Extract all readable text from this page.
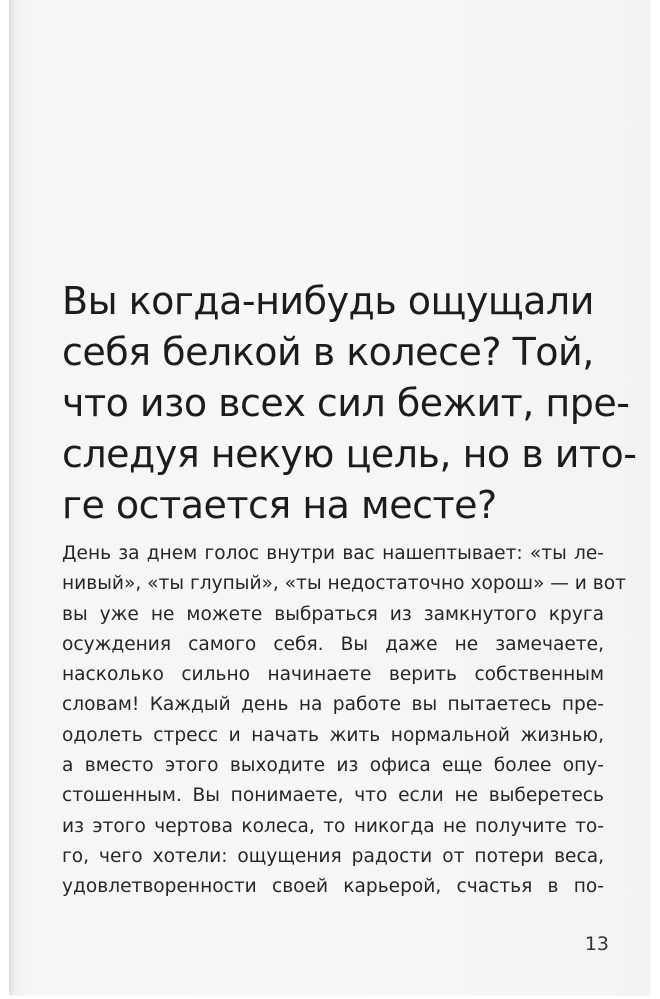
Вы когда-нибудь ощущали
себя белкой в колесе? Той,
что изо всех сил бежит, пре-
следуя некую цель, но в ито-
ге остается на месте?

День за днем голос внутри вас нашептывает: «ты ле-
нивый», «ты глупый», «ты недостаточно хорош» — и вот
вы уже не можете выбраться из замкнутого круга
осуждения самого себя. Вы даже не замечаете,
насколько сильно начинаете верить собственным
словам! Каждый день на работе вы пытаетесь пре-
одолеть стресс и начать жить нормальной жизнью,
а вместо этого выходите из офиса еще более опу-
стошенным. Вы понимаете, что если не выберетесь
из этого чертова колеса, то никогда не получите то-
го, чего хотели: ощущения радости от потери веса,
удовлетворенности своей карьерой, счастья в по-

13
